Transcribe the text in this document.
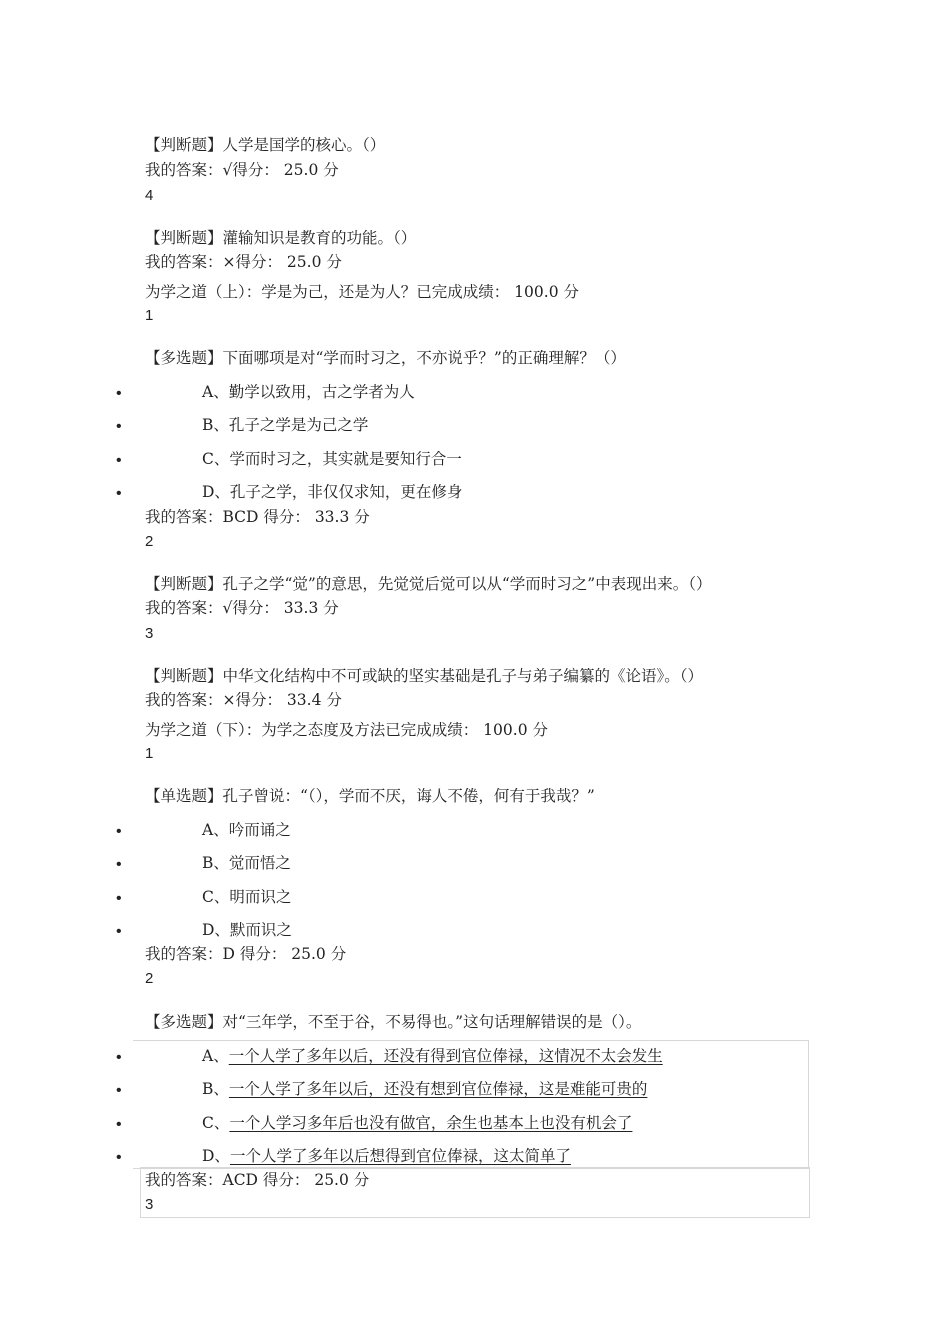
【判断题】人学是国学的核心。（）
我的答案：√得分： 25.0 分
4
【判断题】灌输知识是教育的功能。（）
我的答案：×得分： 25.0 分
为学之道（上）：学是为己，还是为人？已完成成绩： 100.0 分
1
【多选题】下面哪项是对“学而时习之，不亦说乎？”的正确理解？（）
•	A、勤学以致用，古之学者为人
•	B、孔子之学是为己之学
•	C、学而时习之，其实就是要知行合一
•	D、孔子之学，非仅仅求知，更在修身
我的答案：BCD 得分： 33.3 分
2
【判断题】孔子之学“觉”的意思，先觉觉后觉可以从“学而时习之”中表现出来。（）
我的答案：√得分： 33.3 分
3
【判断题】中华文化结构中不可或缺的坚实基础是孔子与弟子编纂的《论语》。（）
我的答案：×得分： 33.4 分
为学之道（下）：为学之态度及方法已完成成绩： 100.0 分
1
【单选题】孔子曾说：“（），学而不厌，诲人不倦，何有于我哉？”
•	A、吟而诵之
•	B、觉而悟之
•	C、明而识之
•	D、默而识之
我的答案：D 得分： 25.0 分
2
【多选题】对“三年学，不至于谷，不易得也。”这句话理解错误的是（）。
•	A、一个人学了多年以后，还没有得到官位俸禄，这情况不太会发生
•	B、一个人学了多年以后，还没有想到官位俸禄，这是难能可贵的
•	C、一个人学习多年后也没有做官，余生也基本上也没有机会了
•	D、一个人学了多年以后想得到官位俸禄，这太简单了
我的答案：ACD 得分： 25.0 分
3
